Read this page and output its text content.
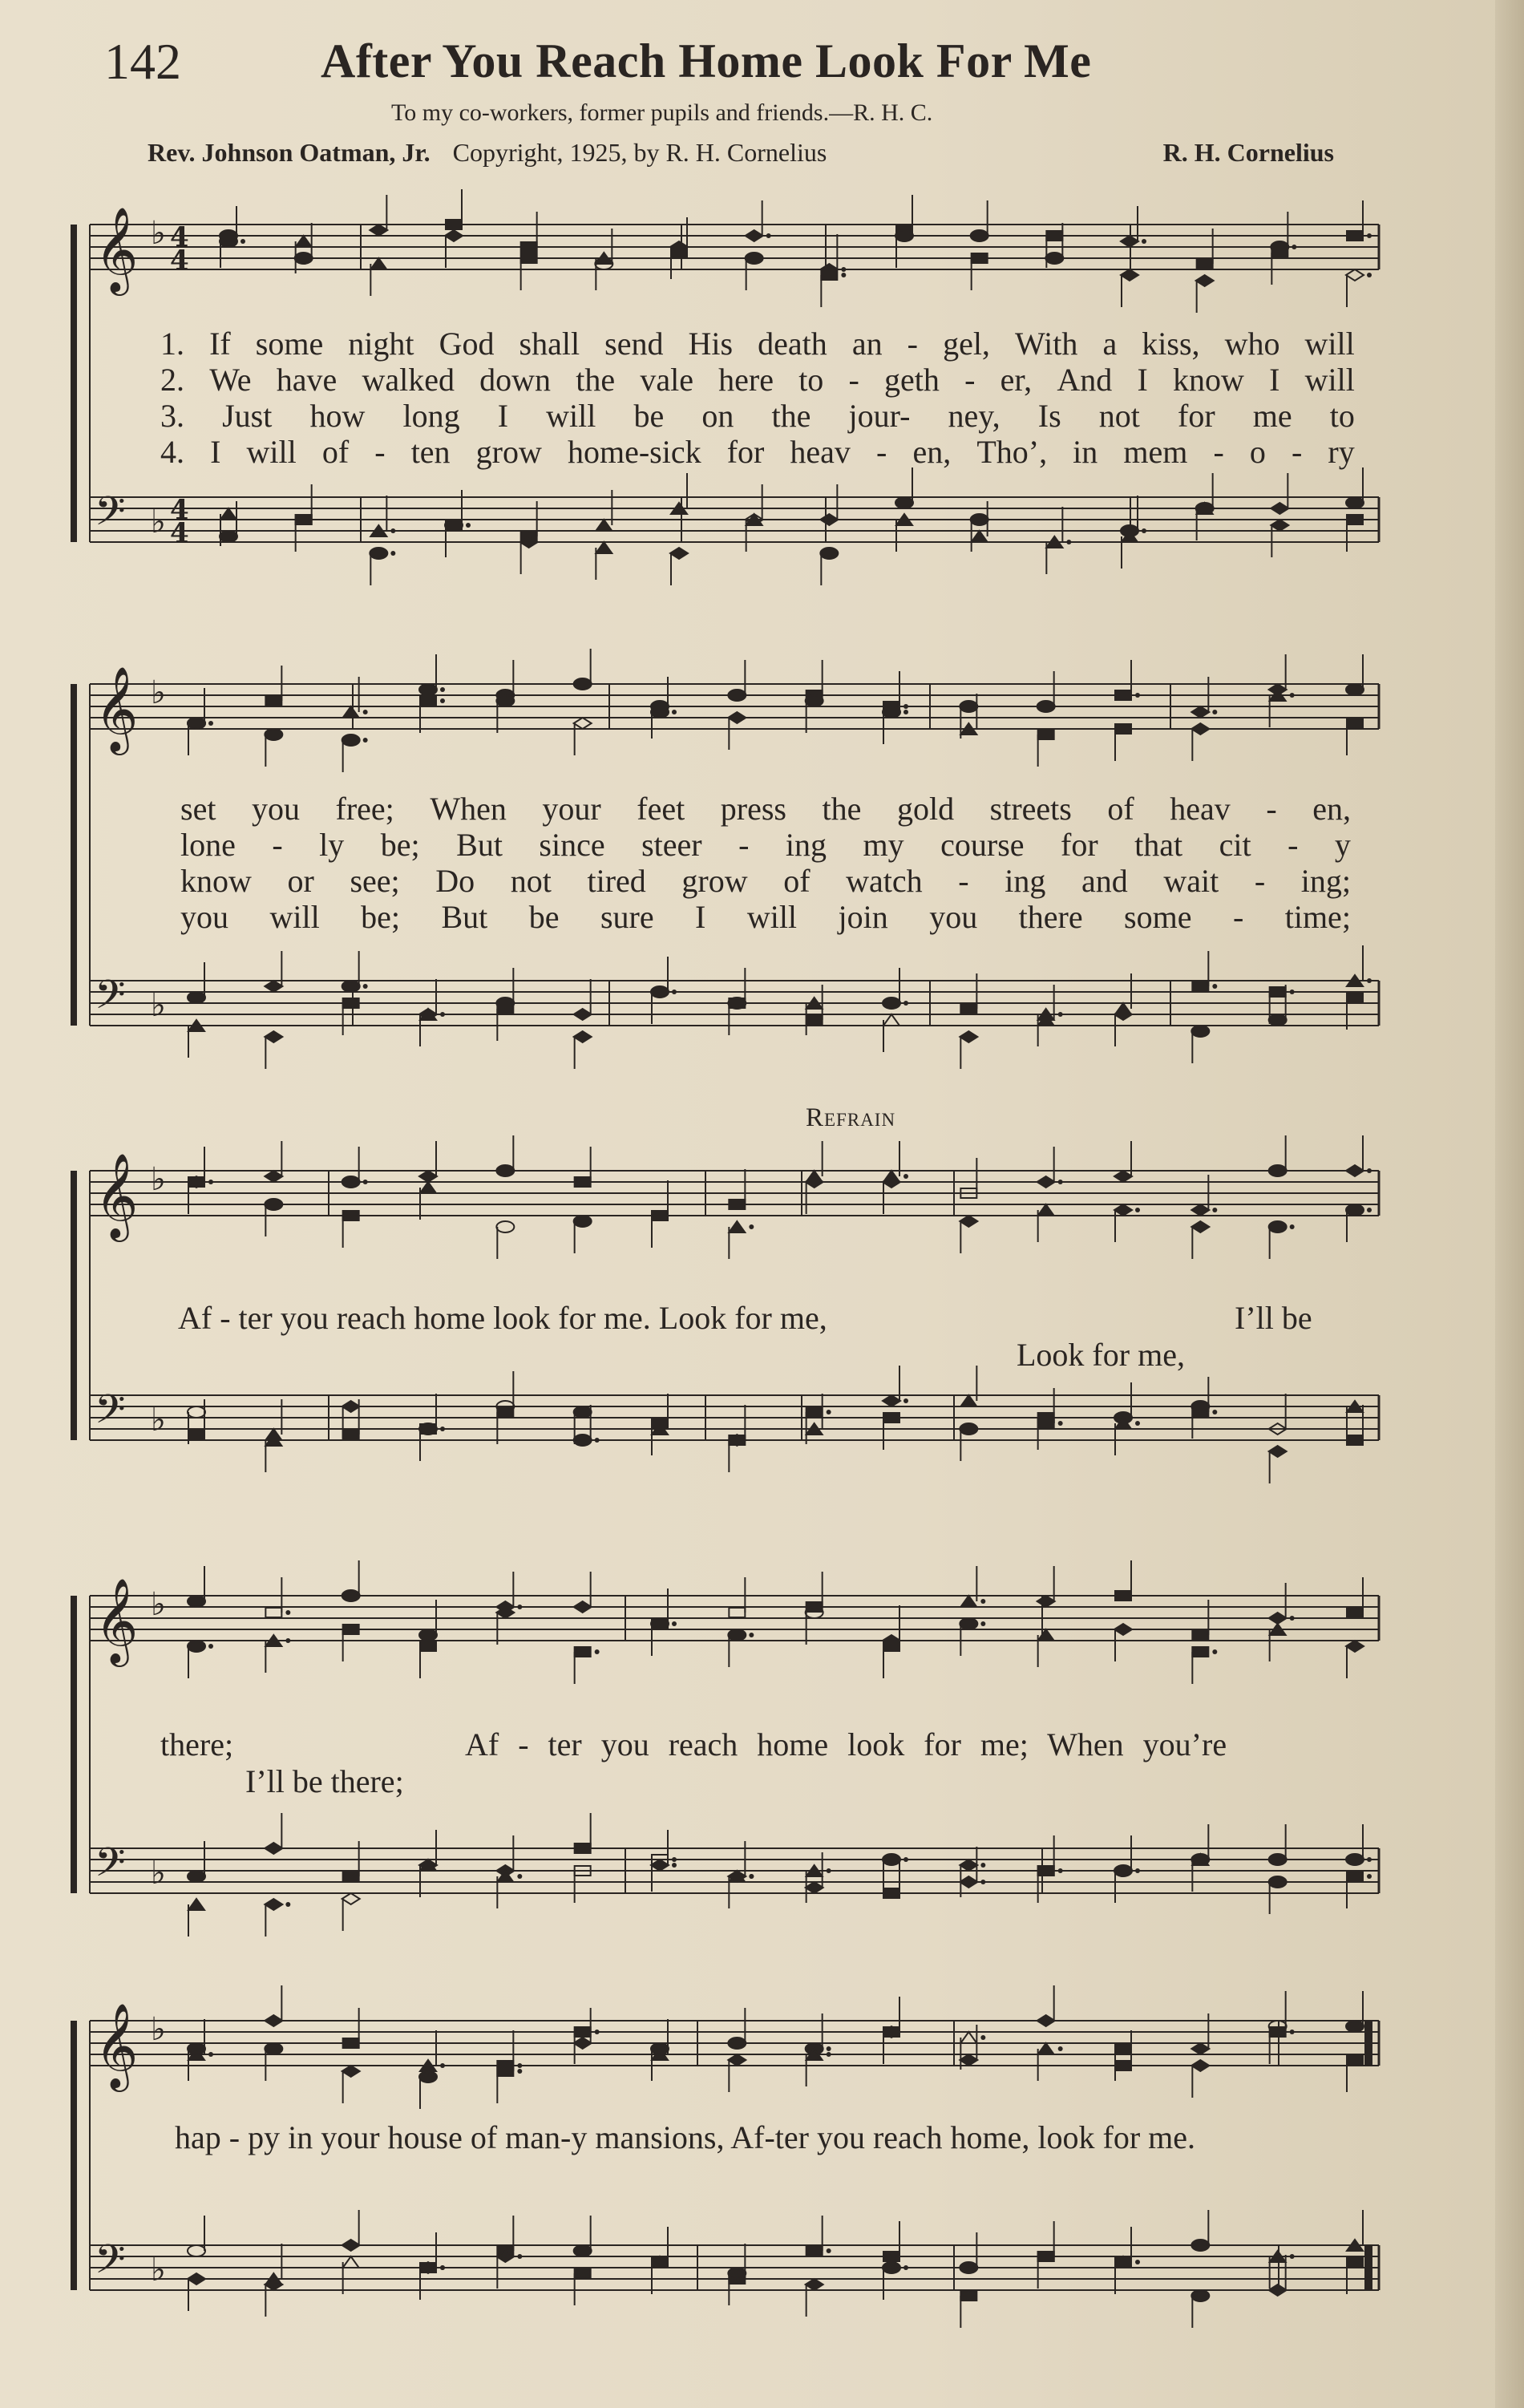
142	After You Reach Home Look For Me
To my co-workers, former pupils and friends.—R. H. C.
Rev. Johnson Oatman, Jr. Copyright, 1925, by R. H. Cornelius	R. H. Cornelius
𝄞 ♭ 4
4
𝄢 ♭ 4
4
1. If some night God shall send His death an - gel, With a kiss, who will
2. We have walked down the vale here to - geth - er, And I know I will
3. Just how long I will be on the jour- ney, Is not for me to
4. I will of - ten grow home-sick for heav - en, Tho’, in mem - o - ry
𝄞 ♭
𝄢 ♭
set you free; When your feet press the gold streets of heav - en,
lone - ly be; But since steer - ing my course for that cit - y
know or see; Do not tired grow of watch - ing and wait - ing;
you will be; But be sure I will join you there some - time;
Refrain
𝄞 ♭
𝄢 ♭
Af - ter you reach home look for me. Look for me,	I’ll be
Look for me,
𝄞 ♭
𝄢 ♭
there;	Af - ter you reach home look for me; When you’re
I’ll be there;
𝄞 ♭
𝄢 ♭
hap - py in your house of man-y mansions, Af-ter you reach home, look for me.
